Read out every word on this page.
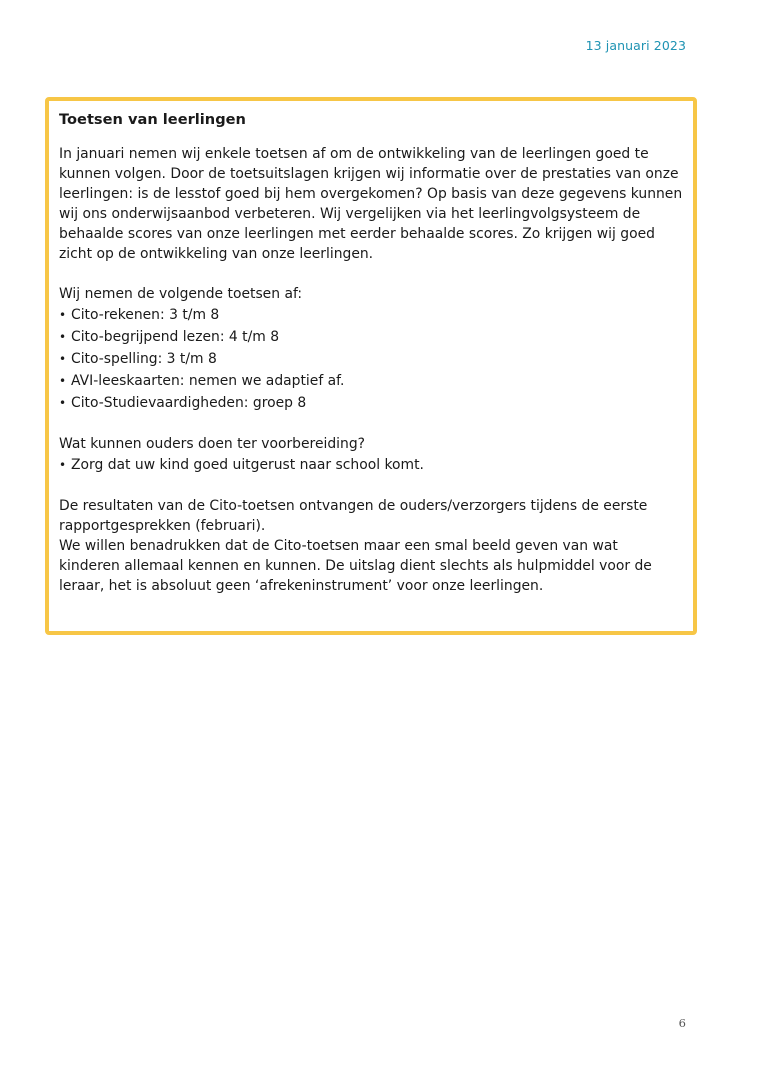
13 januari 2023
Toetsen van leerlingen

In januari nemen wij enkele toetsen af om de ontwikkeling van de leerlingen goed te kunnen volgen. Door de toetsuitslagen krijgen wij informatie over de prestaties van onze leerlingen: is de lesstof goed bij hem overgekomen? Op basis van deze gegevens kunnen wij ons onderwijsaanbod verbeteren. Wij vergelijken via het leerlingvolgsysteem de behaalde scores van onze leerlingen met eerder behaalde scores. Zo krijgen wij goed zicht op de ontwikkeling van onze leerlingen.

Wij nemen de volgende toetsen af:

• Cito-rekenen: 3 t/m 8
• Cito-begrijpend lezen: 4 t/m 8
• Cito-spelling: 3 t/m 8
• AVI-leeskaarten: nemen we adaptief af.
• Cito-Studievaardigheden: groep 8

Wat kunnen ouders doen ter voorbereiding?

• Zorg dat uw kind goed uitgerust naar school komt.

De resultaten van de Cito-toetsen ontvangen de ouders/verzorgers tijdens de eerste rapportgesprekken (februari).

We willen benadrukken dat de Cito-toetsen maar een smal beeld geven van wat kinderen allemaal kennen en kunnen. De uitslag dient slechts als hulpmiddel voor de leraar, het is absoluut geen ‘afrekeninstrument’ voor onze leerlingen.

6
